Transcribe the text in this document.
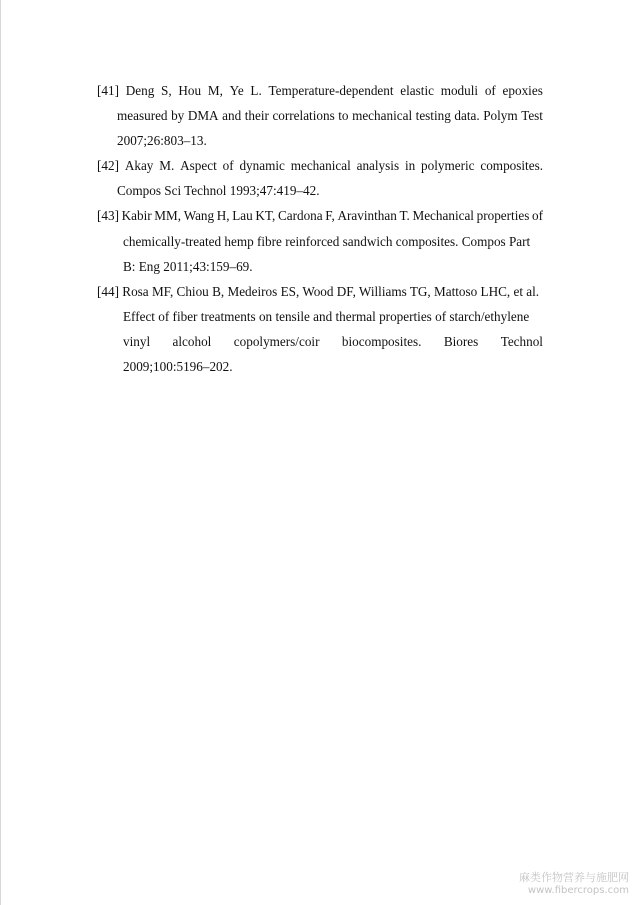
[41] Deng S, Hou M, Ye L. Temperature-dependent elastic moduli of epoxies
measured by DMA and their correlations to mechanical testing data. Polym Test
2007;26:803–13.
[42] Akay M. Aspect of dynamic mechanical analysis in polymeric composites.
Compos Sci Technol 1993;47:419–42.
[43] Kabir MM, Wang H, Lau KT, Cardona F, Aravinthan T. Mechanical properties of
chemically-treated hemp fibre reinforced sandwich composites. Compos Part
B: Eng 2011;43:159–69.
[44] Rosa MF, Chiou B, Medeiros ES, Wood DF, Williams TG, Mattoso LHC, et al.
Effect of fiber treatments on tensile and thermal properties of starch/ethylene
vinyl alcohol copolymers/coir biocomposites. Biores Technol
2009;100:5196–202.
麻类作物营养与施肥网
www.fibercrops.com
